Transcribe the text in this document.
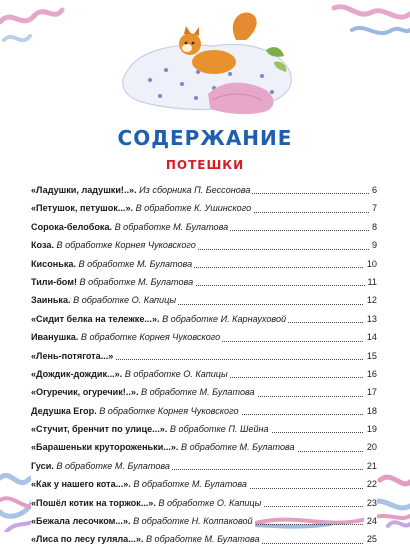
СОДЕРЖАНИЕ
ПОТЕШКИ
«Ладушки, ладушки!..». Из сборника П. Бессонова	6
«Петушок, петушок...». В обработке К. Ушинского	7
Сорока-белобока. В обработке М. Булатова	8
Коза. В обработке Корнея Чуковского	9
Кисонька. В обработке М. Булатова	10
Тили-бом! В обработке М. Булатова	11
Заинька. В обработке О. Капицы	12
«Сидит белка на тележке...». В обработке И. Карнауховой	13
Иванушка. В обработке Корнея Чуковского	14
«Лень-потягота...»	15
«Дождик-дождик...». В обработке О. Капицы	16
«Огуречик, огуречик!..». В обработке М. Булатова	17
Дедушка Егор. В обработке Корнея Чуковского	18
«Стучит, бренчит по улице...». В обработке П. Шейна	19
«Барашеньки крутороженьки...». В обработке М. Булатова	20
Гуси. В обработке М. Булатова	21
«Как у нашего кота...». В обработке М. Булатова	22
«Пошёл котик на торжок...». В обработке О. Капицы	23
«Бежала лесочком...». В обработке Н. Колпаковой	24
«Лиса по лесу гуляла...». В обработке М. Булатова	25
